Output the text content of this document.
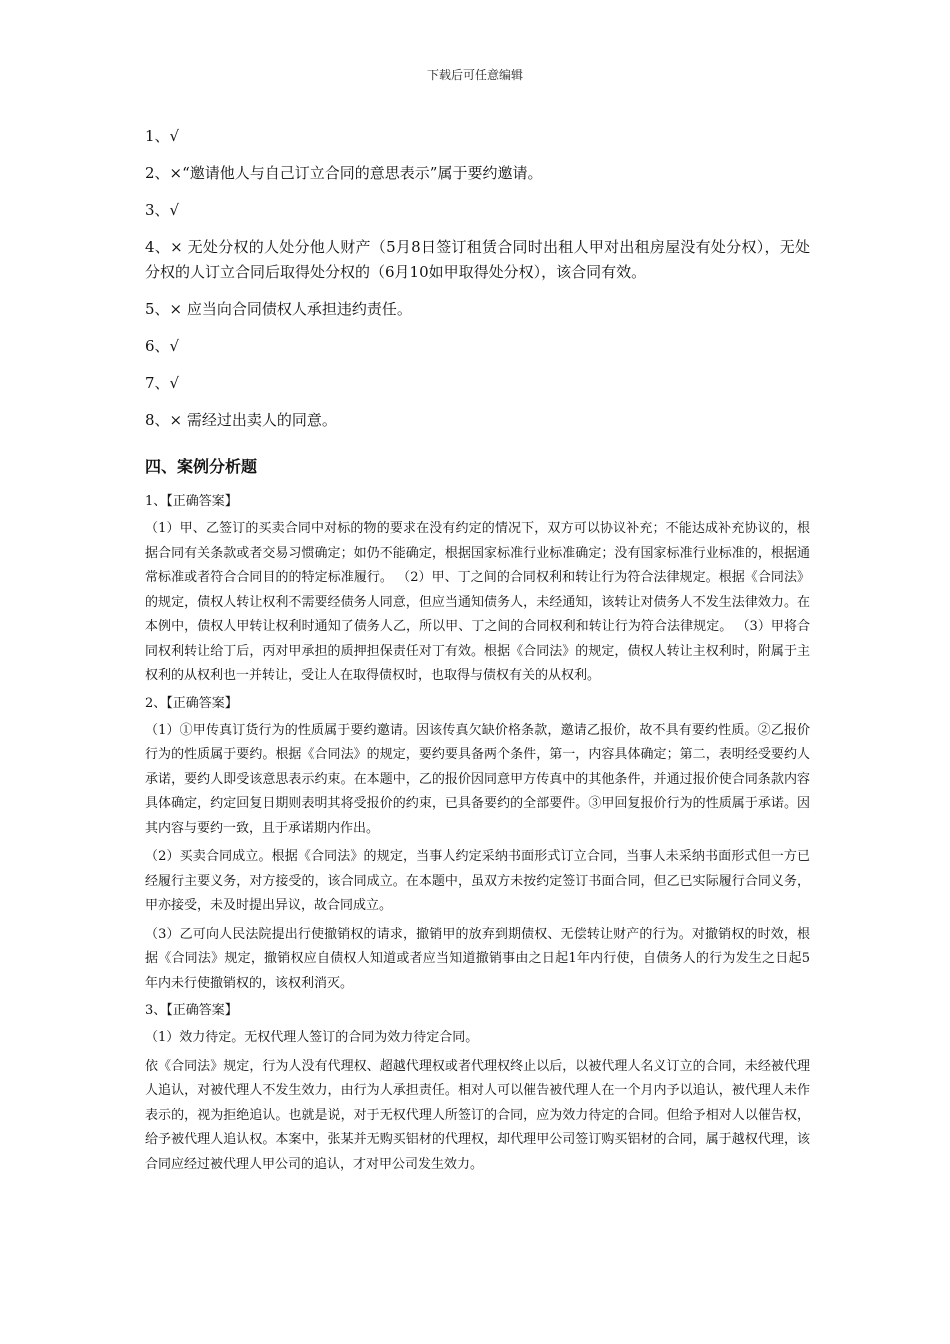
下载后可任意编辑

1、√

2、×“邀请他人与自己订立合同的意思表示”属于要约邀请。

3、√

4、× 无处分权的人处分他人财产（5月8日签订租赁合同时出租人甲对出租房屋没有处分权），无处分权的人订立合同后取得处分权的（6月10如甲取得处分权），该合同有效。

5、× 应当向合同债权人承担违约责任。

6、√

7、√

8、× 需经过出卖人的同意。

四、案例分析题

1、【正确答案】

（1）甲、乙签订的买卖合同中对标的物的要求在没有约定的情况下，双方可以协议补充；不能达成补充协议的，根据合同有关条款或者交易习惯确定；如仍不能确定，根据国家标准行业标准确定；没有国家标准行业标准的，根据通常标准或者符合合同目的的特定标准履行。 （2）甲、丁之间的合同权利和转让行为符合法律规定。根据《合同法》的规定，债权人转让权利不需要经债务人同意，但应当通知债务人，未经通知，该转让对债务人不发生法律效力。在本例中，债权人甲转让权利时通知了债务人乙，所以甲、丁之间的合同权利和转让行为符合法律规定。 （3）甲将合同权利转让给丁后，丙对甲承担的质押担保责任对丁有效。根据《合同法》的规定，债权人转让主权利时，附属于主权利的从权利也一并转让，受让人在取得债权时，也取得与债权有关的从权利。

2、【正确答案】

（1）①甲传真订货行为的性质属于要约邀请。因该传真欠缺价格条款，邀请乙报价，故不具有要约性质。②乙报价行为的性质属于要约。根据《合同法》的规定，要约要具备两个条件，第一，内容具体确定；第二，表明经受要约人承诺，要约人即受该意思表示约束。在本题中，乙的报价因同意甲方传真中的其他条件，并通过报价使合同条款内容具体确定，约定回复日期则表明其将受报价的约束，已具备要约的全部要件。③甲回复报价行为的性质属于承诺。因其内容与要约一致，且于承诺期内作出。

（2）买卖合同成立。根据《合同法》的规定，当事人约定采纳书面形式订立合同，当事人未采纳书面形式但一方已经履行主要义务，对方接受的，该合同成立。在本题中，虽双方未按约定签订书面合同，但乙已实际履行合同义务，甲亦接受，未及时提出异议，故合同成立。

（3）乙可向人民法院提出行使撤销权的请求，撤销甲的放弃到期债权、无偿转让财产的行为。对撤销权的时效，根据《合同法》规定，撤销权应自债权人知道或者应当知道撤销事由之日起1年内行使，自债务人的行为发生之日起5年内未行使撤销权的，该权利消灭。

3、【正确答案】

（1）效力待定。无权代理人签订的合同为效力待定合同。

依《合同法》规定，行为人没有代理权、超越代理权或者代理权终止以后，以被代理人名义订立的合同，未经被代理人追认，对被代理人不发生效力，由行为人承担责任。相对人可以催告被代理人在一个月内予以追认，被代理人未作表示的，视为拒绝追认。也就是说，对于无权代理人所签订的合同，应为效力待定的合同。但给予相对人以催告权，给予被代理人追认权。本案中，张某并无购买铝材的代理权，却代理甲公司签订购买铝材的合同，属于越权代理，该合同应经过被代理人甲公司的追认，才对甲公司发生效力。
